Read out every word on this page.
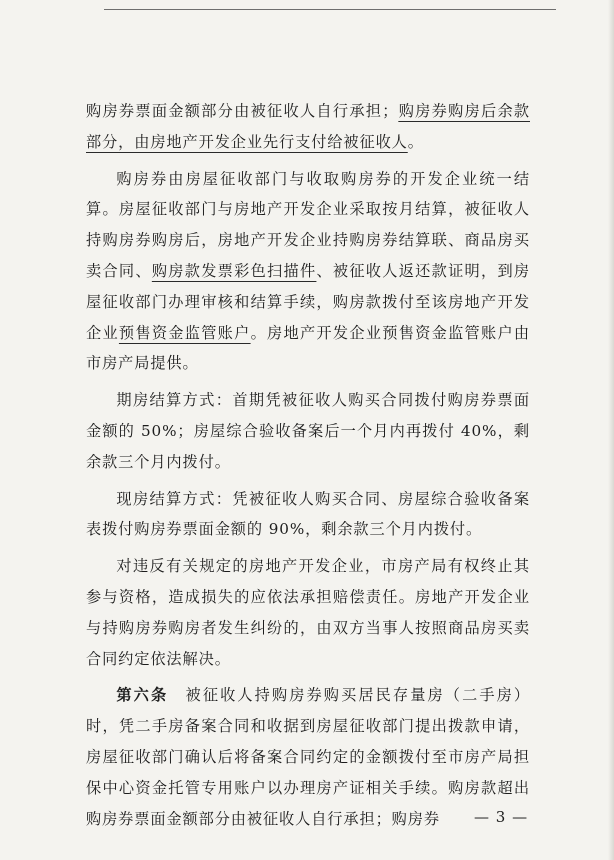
购房券票面金额部分由被征收人自行承担；购房券购房后余款部分，由房地产开发企业先行支付给被征收人。

购房券由房屋征收部门与收取购房券的开发企业统一结算。房屋征收部门与房地产开发企业采取按月结算，被征收人持购房券购房后，房地产开发企业持购房券结算联、商品房买卖合同、购房款发票彩色扫描件、被征收人返还款证明，到房屋征收部门办理审核和结算手续，购房款拨付至该房地产开发企业预售资金监管账户。房地产开发企业预售资金监管账户由市房产局提供。

期房结算方式：首期凭被征收人购买合同拨付购房券票面金额的 50%；房屋综合验收备案后一个月内再拨付 40%，剩余款三个月内拨付。

现房结算方式：凭被征收人购买合同、房屋综合验收备案表拨付购房券票面金额的 90%，剩余款三个月内拨付。

对违反有关规定的房地产开发企业，市房产局有权终止其参与资格，造成损失的应依法承担赔偿责任。房地产开发企业与持购房券购房者发生纠纷的，由双方当事人按照商品房买卖合同约定依法解决。

第六条　被征收人持购房券购买居民存量房（二手房）时，凭二手房备案合同和收据到房屋征收部门提出拨款申请，房屋征收部门确认后将备案合同约定的金额拨付至市房产局担保中心资金托管专用账户以办理房产证相关手续。购房款超出购房券票面金额部分由被征收人自行承担；购房券	— 3 —
